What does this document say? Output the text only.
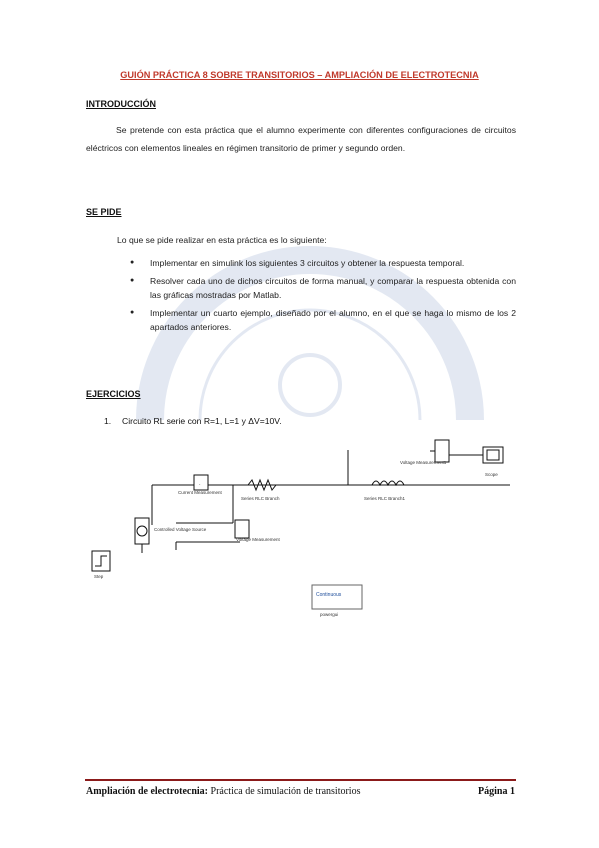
GUIÓN PRÁCTICA 8 SOBRE TRANSITORIOS – AMPLIACIÓN DE ELECTROTECNIA
INTRODUCCIÓN
Se pretende con esta práctica que el alumno experimente con diferentes configuraciones de circuitos eléctricos con elementos lineales en régimen transitorio de primer y segundo orden.
SE PIDE
Lo que se pide realizar en esta práctica es lo siguiente:
● Implementar en simulink los siguientes 3 circuitos y obtener la respuesta temporal.
● Resolver cada uno de dichos circuitos de forma manual, y comparar la respuesta obtenida con las gráficas mostradas por Matlab.
● Implementar un cuarto ejemplo, diseñado por el alumno, en el que se haga lo mismo de los 2 apartados anteriores.
EJERCICIOS
1. Circuito RL serie con R=1, L=1 y ΔV=10V.
·
Current Measurement
Series RLC Branch	Series RLC Branch1
Voltage Measurement1
Scope
Controlled Voltage Source
Voltage Measurement
Step
Continuous
powergui
Ampliación de electrotecnia: Práctica de simulación de transitorios	Página 1
